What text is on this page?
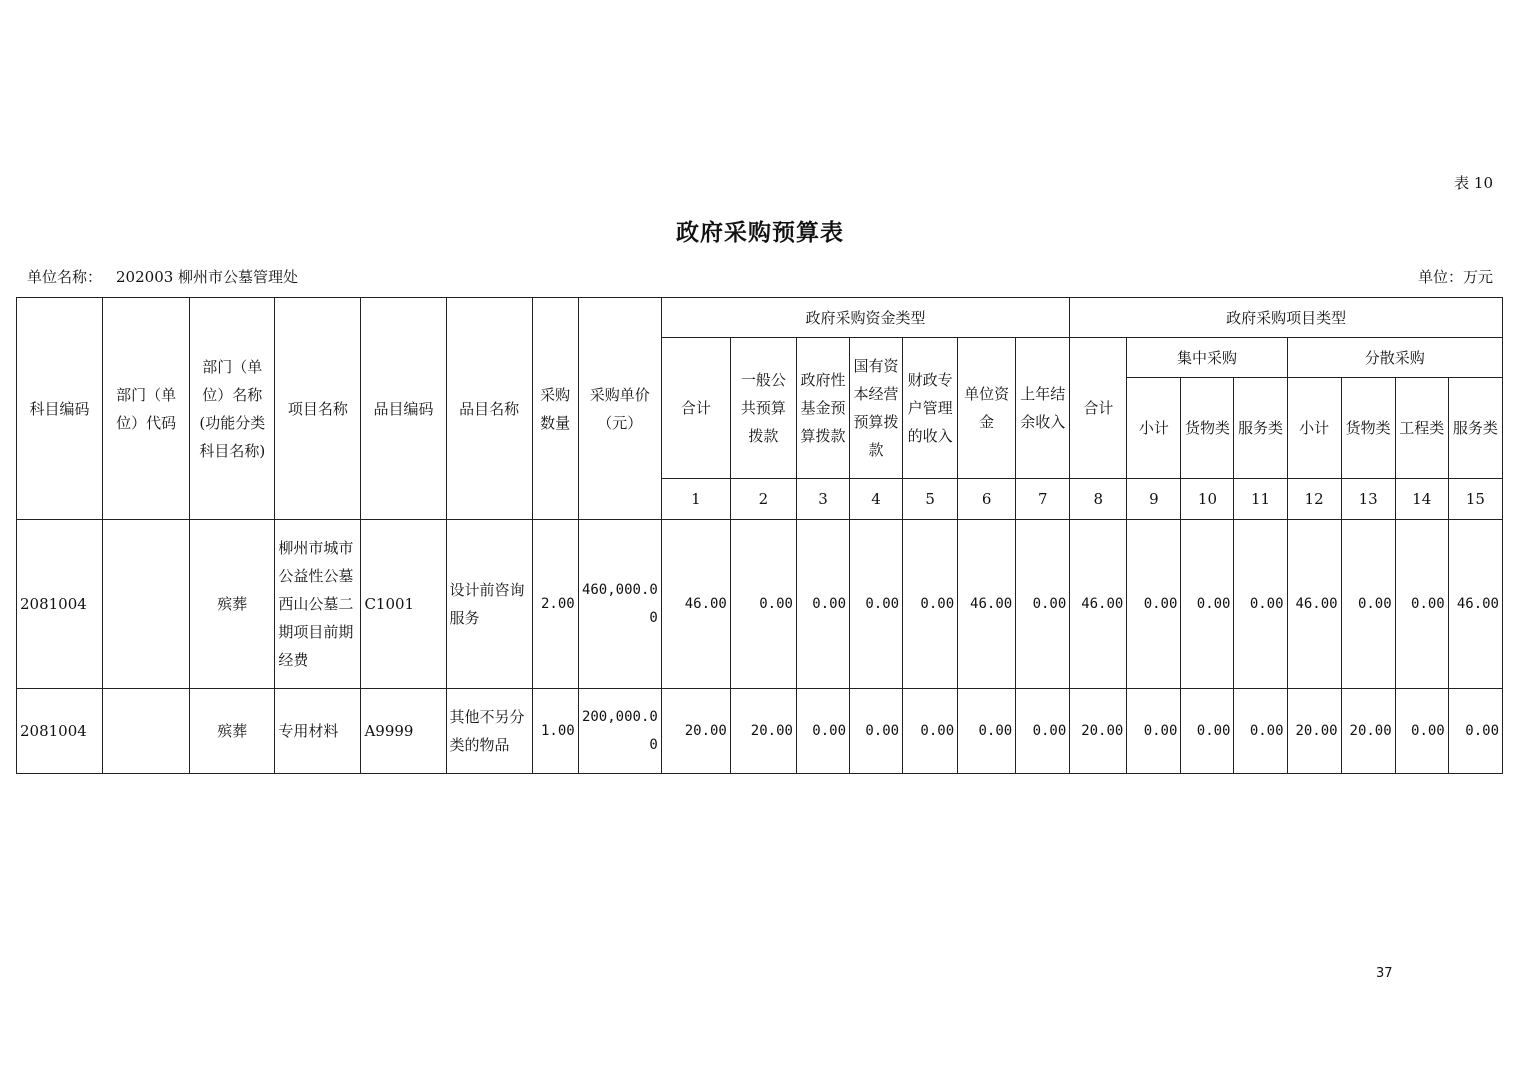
表 10
政府采购预算表
单位名称： 202003 柳州市公墓管理处	单位：万元
科目编码	部门（单位）代码	部门（单位）名称(功能分类科目名称)	项目名称	品目编码	品目名称	采购数量	采购单价（元）	政府采购资金类型							政府采购项目类型							
								合计	一般公共预算拨款	政府性基金预算拨款	国有资本经营预算拨款	财政专户管理的收入	单位资金	上年结余收入	合计	集中采购			分散采购			
																小计	货物类	服务类	小计	货物类	工程类	服务类
								1	2	3	4	5	6	7	8	9	10	11	12	13	14	15
2081004		殡葬	柳州市城市公益性公墓西山公墓二期项目前期经费	C1001	设计前咨询服务	2.00	460,000.00	46.00	0.00	0.00	0.00	0.00	46.00	0.00	46.00	0.00	0.00	0.00	46.00	0.00	0.00	46.00
2081004		殡葬	专用材料	A9999	其他不另分类的物品	1.00	200,000.00	20.00	20.00	0.00	0.00	0.00	0.00	0.00	20.00	0.00	0.00	0.00	20.00	20.00	0.00	0.00
37
